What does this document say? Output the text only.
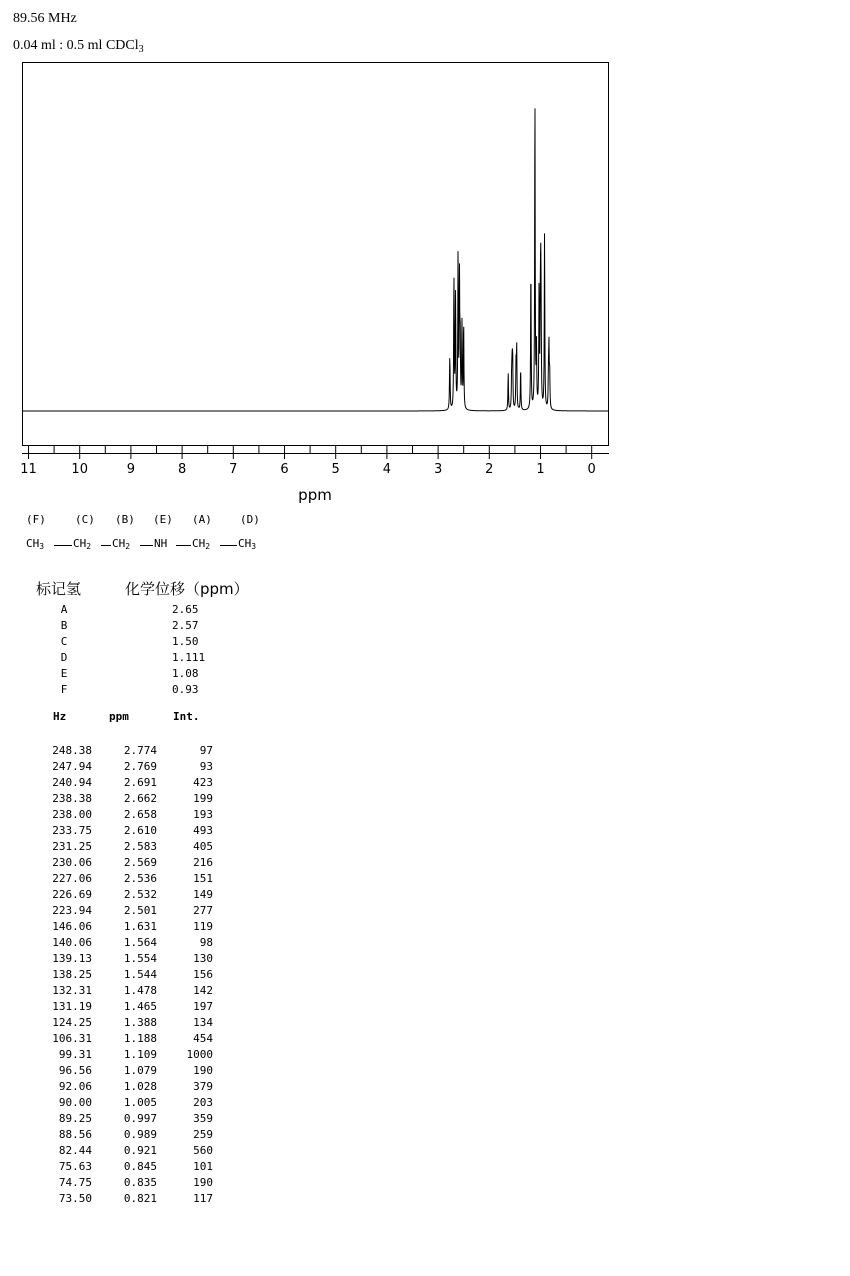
89.56 MHz
0.04 ml : 0.5 ml CDCl$_3$
11	10	9	8	7	6	5	4	3	2	1	0
ppm
(F)	(C) (B) (E) (A)	(D)
$CH_3$	$CH_2$ $CH_2$ NH $CH_2$	$CH_3$
标记氢	化学位移（ppm）
A	2.65
B	2.57
C	1.50
D	1.111
E	1.08
F	0.93
Hz	ppm	Int.
248.38	2.774	97
247.94	2.769	93
240.94	2.691	423
238.38	2.662	199
238.00	2.658	193
233.75	2.610	493
231.25	2.583	405
230.06	2.569	216
227.06	2.536	151
226.69	2.532	149
223.94	2.501	277
146.06	1.631	119
140.06	1.564	98
139.13	1.554	130
138.25	1.544	156
132.31	1.478	142
131.19	1.465	197
124.25	1.388	134
106.31	1.188	454
99.31	1.109	1000
96.56	1.079	190
92.06	1.028	379
90.00	1.005	203
89.25	0.997	359
88.56	0.989	259
82.44	0.921	560
75.63	0.845	101
74.75	0.835	190
73.50	0.821	117
